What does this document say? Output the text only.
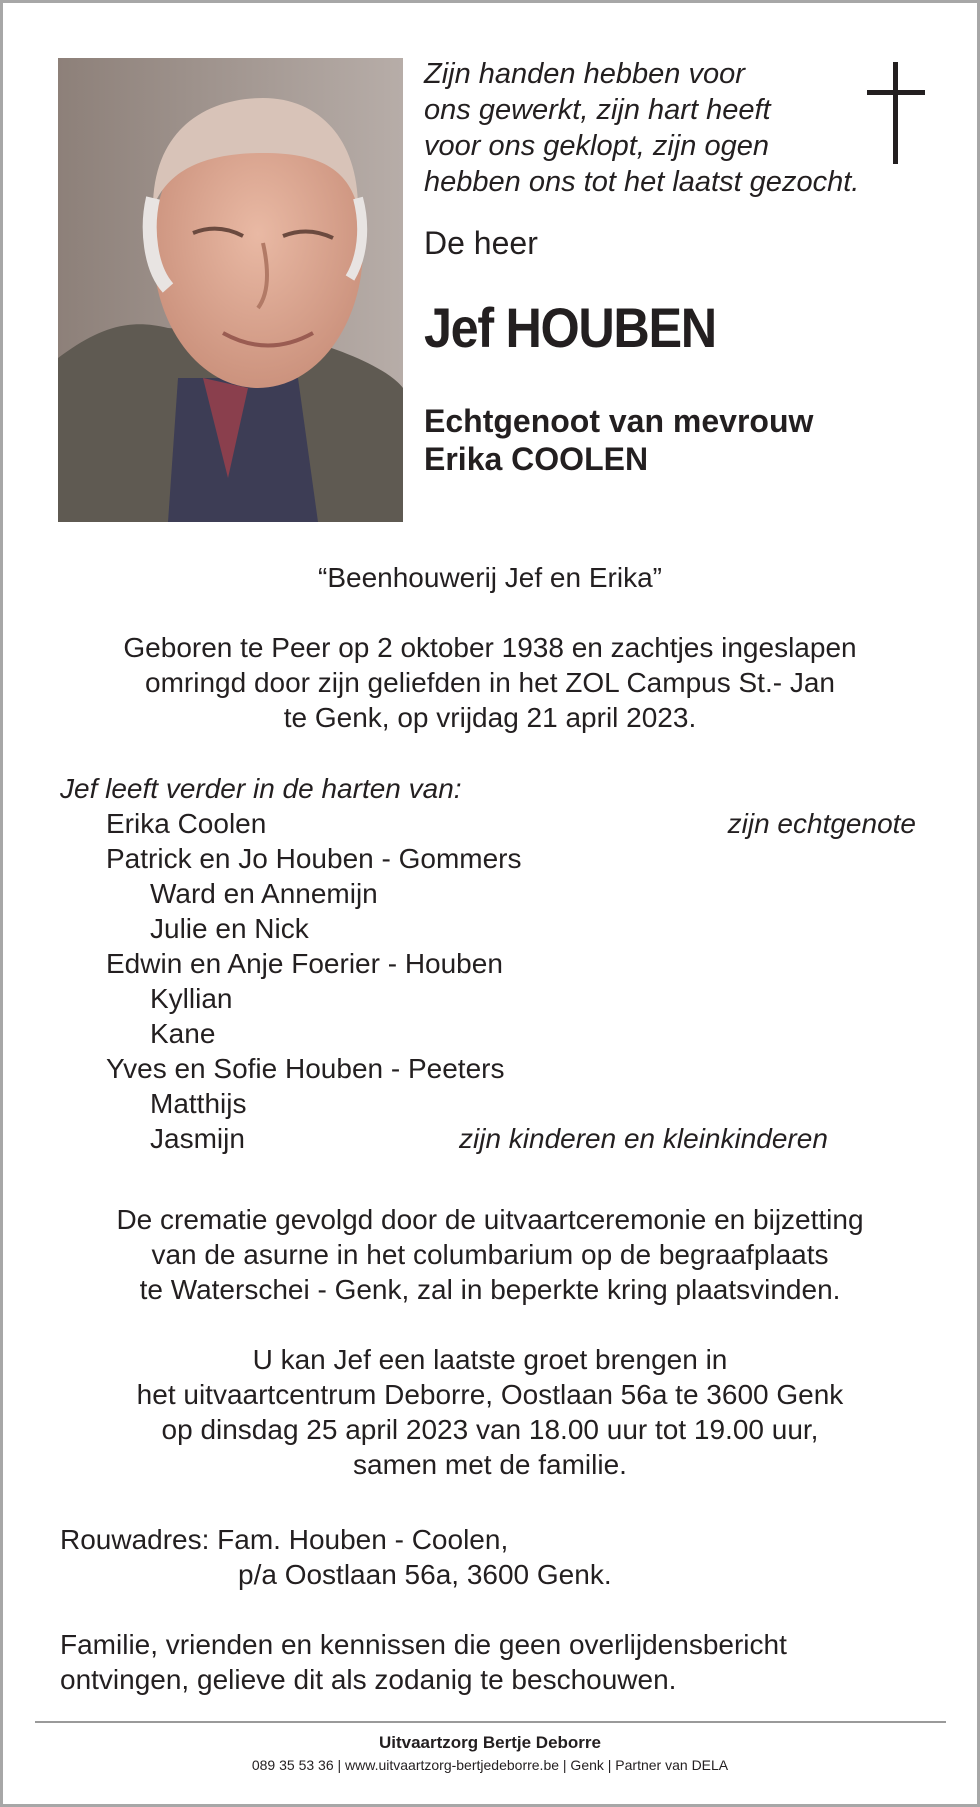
Zijn handen hebben voor
ons gewerkt, zijn hart heeft
voor ons geklopt, zijn ogen
hebben ons tot het laatst gezocht.
De heer
Jef HOUBEN
Echtgenoot van mevrouw
Erika COOLEN
“Beenhouwerij Jef en Erika”
Geboren te Peer op 2 oktober 1938 en zachtjes ingeslapen
omringd door zijn geliefden in het ZOL Campus St.- Jan
te Genk, op vrijdag 21 april 2023.
Jef leeft verder in de harten van:
Erika Coolen	zijn echtgenote
Patrick en Jo Houben - Gommers
Ward en Annemijn
Julie en Nick
Edwin en Anje Foerier - Houben
Kyllian
Kane
Yves en Sofie Houben - Peeters
Matthijs
Jasmijn	zijn kinderen en kleinkinderen
De crematie gevolgd door de uitvaartceremonie en bijzetting
van de asurne in het columbarium op de begraafplaats
te Waterschei - Genk, zal in beperkte kring plaatsvinden.
U kan Jef een laatste groet brengen in
het uitvaartcentrum Deborre, Oostlaan 56a te 3600 Genk
op dinsdag 25 april 2023 van 18.00 uur tot 19.00 uur,
samen met de familie.
Rouwadres: Fam. Houben - Coolen,
p/a Oostlaan 56a, 3600 Genk.
Familie, vrienden en kennissen die geen overlijdensbericht
ontvingen, gelieve dit als zodanig te beschouwen.
Uitvaartzorg Bertje Deborre
089 35 53 36 | www.uitvaartzorg-bertjedeborre.be | Genk | Partner van DELA
